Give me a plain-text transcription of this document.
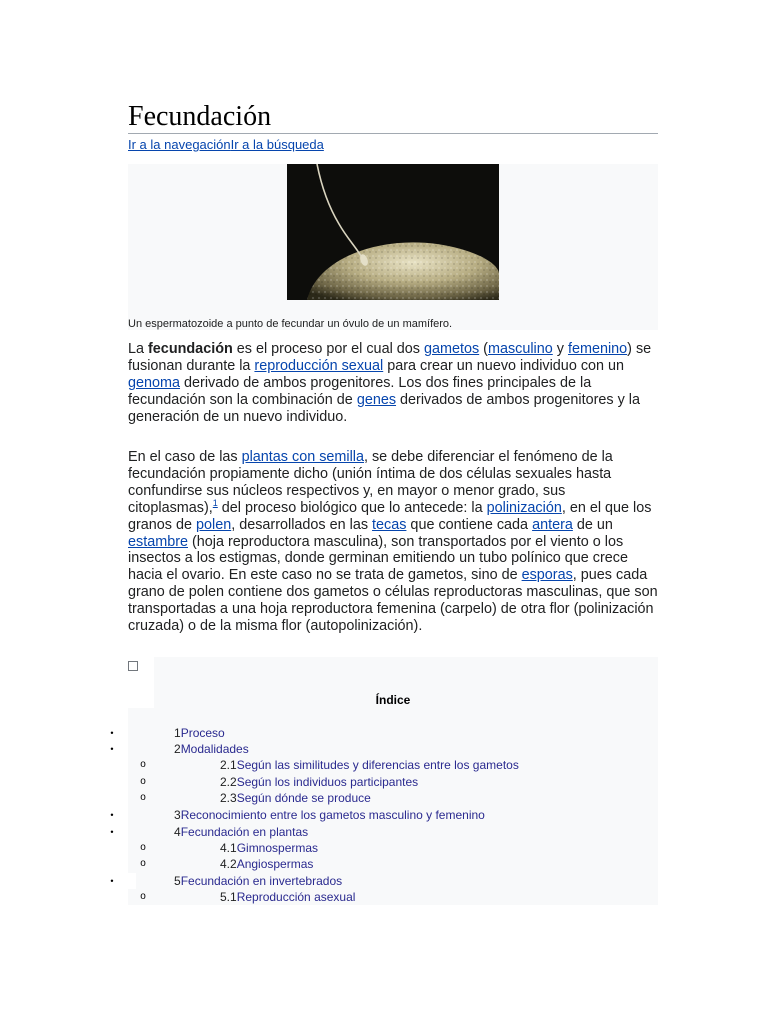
Fecundación
Ir a la navegaciónIr a la búsqueda
Un espermatozoide a punto de fecundar un óvulo de un mamífero.
La fecundación es el proceso por el cual dos gametos (masculino y femenino) se fusionan durante la reproducción sexual para crear un nuevo individuo con un genoma derivado de ambos progenitores. Los dos fines principales de la fecundación son la combinación de genes derivados de ambos progenitores y la generación de un nuevo individuo.
En el caso de las plantas con semilla, se debe diferenciar el fenómeno de la fecundación propiamente dicho (unión íntima de dos células sexuales hasta confundirse sus núcleos respectivos y, en mayor o menor grado, sus citoplasmas),$^1$ del proceso biológico que lo antecede: la polinización, en el que los granos de polen, desarrollados en las tecas que contiene cada antera de un estambre (hoja reproductora masculina), son transportados por el viento o los insectos a los estigmas, donde germinan emitiendo un tubo polínico que crece hacia el ovario. En este caso no se trata de gametos, sino de esporas, pues cada grano de polen contiene dos gametos o células reproductoras masculinas, que son transportadas a una hoja reproductora femenina (carpelo) de otra flor (polinización cruzada) o de la misma flor (autopolinización).
Índice
•	1Proceso
•	2Modalidades
o	2.1Según las similitudes y diferencias entre los gametos
o	2.2Según los individuos participantes
o	2.3Según dónde se produce
•	3Reconocimiento entre los gametos masculino y femenino
•	4Fecundación en plantas
o	4.1Gimnospermas
o	4.2Angiospermas
•	5Fecundación en invertebrados
o	5.1Reproducción asexual
